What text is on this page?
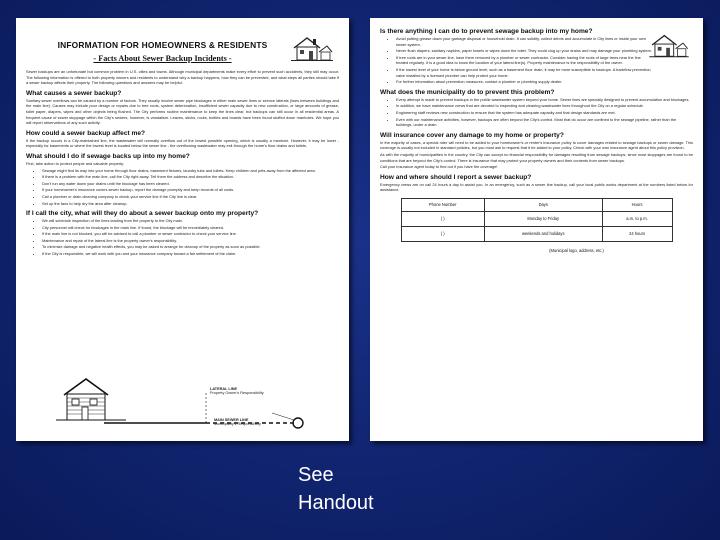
INFORMATION FOR HOMEOWNERS & RESIDENTS
- Facts About Sewer Backup Incidents -
Sewer backups are an unfortunate but common problem in U.S. cities and towns. Although municipal departments make every effort to prevent such accidents, they still may occur. The following information is offered to both property owners and residents to understand why a backup happens, how they can be prevented, and what steps all parties should take if a sewer backup affects their property. The following questions and answers may be helpful.
What causes a sewer backup?
Sanitary sewer overflows can be caused by a number of factors. They usually involve sewer pipe blockages in either main sewer lines or service laterals (lines between buildings and the main line). Causes may include poor design or repairs due to tree roots, system deterioration, insufficient sewer capacity due to new construction, or large amounts of grease, toilet paper, diapers, wipes and other objects being flushed. The City performs routine maintenance to keep the lines clear, but backups can still occur in all residential areas. A frequent cause of sewer stoppage within the City's sewers, however, is vandalism. Leaves, sticks, rocks, bottles and boards have been found stuffed down manholes. We hope you will report observations of any such activity.
How could a sewer backup affect me?
If the backup occurs in a City-maintained line, the wastewater will normally overflow out of the lowest possible opening, which is usually a manhole. However, it may be lower - especially for basements or where the lowest level is located below the sewer line - the overflowing wastewater may exit through the home's floor drains and toilets.
What should I do if sewage backs up into my home?
First, take action to protect people and valuable property:
• Sewage might find its way into your home through floor drains, basement fixtures, laundry tubs and toilets. Keep children and pets away from the affected area.
• If there is a problem with the main line, call the City right away. Tell them the address and describe the situation.
• Don't run any water down your drains until the blockage has been cleared.
• If your homeowner's insurance covers sewer backup, report the damage promptly and keep records of all costs.
• Call a plumber or drain cleaning company to check your service line if the City line is clear.
• Set up the fans to help dry the area after cleanup.
If I call the city, what will they do about a sewer backup onto my property?
• We will schedule inspection of the lines leading from the property to the City main.
• City personnel will check for blockages in the main line. If found, the blockage will be immediately cleared.
• If the main line is not blocked, you will be advised to call a plumber or sewer contractor to check your service line.
• Maintenance and repair of the lateral line is the property owner's responsibility.
• To minimize damage and negative health effects, you may be asked to arrange for cleanup of the property as soon as possible.
• If the City is responsible, we will work with you and your insurance company toward a fair settlement of the claim.
LATERAL LINE
Property Owner's Responsibility
MAIN SEWER LINE
Municipality's Responsibility
Is there anything I can do to prevent sewage backup into my home?
• Avoid putting grease down your garbage disposal or household drain. It can solidify, collect debris and accumulate in City lines or inside your own sewer system.
• Never flush diapers, sanitary napkins, paper towels or wipes down the toilet. They could clog up your drains and may damage your plumbing system.
• If tree roots are in your sewer line, have them removed by a plumber or sewer contractor. Consider having the roots of large trees near the line treated regularly. It is a good idea to know the location of your lateral line(s). Property maintenance is the responsibility of the owner.
• If the lowest level of your home is below ground level, such as a basement floor drain, it may be more susceptible to backups. A backflow prevention valve installed by a licensed plumber can help protect your home.
• For further information about prevention measures, contact a plumber or plumbing supply dealer.
What does the municipality do to prevent this problem?
• Every attempt is made to prevent backups in the public wastewater system beyond your home. Sewer lines are specially designed to prevent accumulation and blockages.
• In addition, we have maintenance crews that are devoted to inspecting and cleaning wastewater lines throughout the City on a regular schedule.
• Engineering staff reviews new construction to ensure that the system has adequate capacity and that design standards are met.
• Even with our maintenance activities, however, backups are often beyond the City's control. Most that do occur are confined to the sewage pipeline, rather than the buildings, under a drain.
Will insurance cover any damage to my home or property?
In the majority of cases, a special rider will need to be added to your homeowner's or renter's insurance policy to cover damages related to sewage backups or sewer damage. This coverage is usually not included in standard policies, but you must ask to request that it be added to your policy. Check with your own insurance agent about this policy provision.
As with the majority of municipalities in the country, the City can accept no financial responsibility for damages resulting from sewage backups, since most stoppages are found to be conditions that are beyond the City's control. There is insurance that may protect your property owners and their contents from sewer backups.
Call your insurance agent today to find out if you have the coverage!
How and where should I report a sewer backup?
Emergency crews are on call 24 hours a day to assist you. In an emergency, such as a sewer line backup, call your local public works department at the numbers listed below for assistance.
Phone Number	Days	Hours
( )	Monday to Friday	a.m. to p.m.
( )	weekends and holidays	24 hours
(Municipal logo, address, etc.)
See
Handout
